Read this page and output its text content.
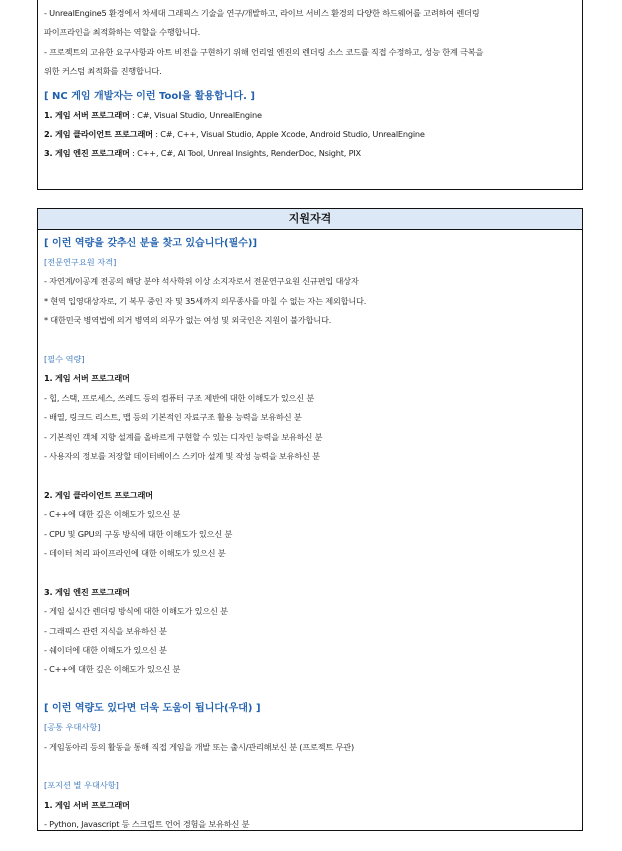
- UnrealEngine5 환경에서 차세대 그래픽스 기술을 연구/개발하고, 라이브 서비스 환경의 다양한 하드웨어를 고려하여 렌더링
파이프라인을 최적화하는 역할을 수행합니다.
- 프로젝트의 고유한 요구사항과 아트 비전을 구현하기 위해 언리얼 엔진의 렌더링 소스 코드를 직접 수정하고, 성능 한계 극복을
위한 커스텀 최적화를 진행합니다.
[ NC 게임 개발자는 이런 Tool을 활용합니다. ]
1. 게임 서버 프로그래머 : C#, Visual Studio, UnrealEngine
2. 게임 클라이언트 프로그래머 : C#, C++, Visual Studio, Apple Xcode, Android Studio, UnrealEngine
3. 게임 엔진 프로그래머 : C++, C#, AI Tool, Unreal Insights, RenderDoc, Nsight, PIX
지원자격
[ 이런 역량을 갖추신 분을 찾고 있습니다(필수)]
[전문연구요원 자격]
- 자연계/이공계 전공의 해당 분야 석사학위 이상 소지자로서 전문연구요원 신규편입 대상자
* 현역 입영대상자로, 기 복무 중인 자 및 35세까지 의무종사를 마칠 수 없는 자는 제외합니다.
* 대한민국 병역법에 의거 병역의 의무가 없는 여성 및 외국인은 지원이 불가합니다.
[필수 역량]
1. 게임 서버 프로그래머
- 힙, 스택, 프로세스, 쓰레드 등의 컴퓨터 구조 제반에 대한 이해도가 있으신 분
- 배열, 링크드 리스트, 맵 등의 기본적인 자료구조 활용 능력을 보유하신 분
- 기본적인 객체 지향 설계를 올바르게 구현할 수 있는 디자인 능력을 보유하신 분
- 사용자의 정보를 저장할 데이터베이스 스키마 설계 및 작성 능력을 보유하신 분
2. 게임 클라이언트 프로그래머
- C++에 대한 깊은 이해도가 있으신 분
- CPU 및 GPU의 구동 방식에 대한 이해도가 있으신 분
- 데이터 처리 파이프라인에 대한 이해도가 있으신 분
3. 게임 엔진 프로그래머
- 게임 실시간 렌더링 방식에 대한 이해도가 있으신 분
- 그래픽스 관련 지식을 보유하신 분
- 쉐이더에 대한 이해도가 있으신 분
- C++에 대한 깊은 이해도가 있으신 분
[ 이런 역량도 있다면 더욱 도움이 됩니다(우대) ]
[공통 우대사항]
- 게임동아리 등의 활동을 통해 직접 게임을 개발 또는 출시/관리해보신 분 (프로젝트 무관)
[포지션 별 우대사항]
1. 게임 서버 프로그래머
- Python, Javascript 등 스크립트 언어 경험을 보유하신 분
